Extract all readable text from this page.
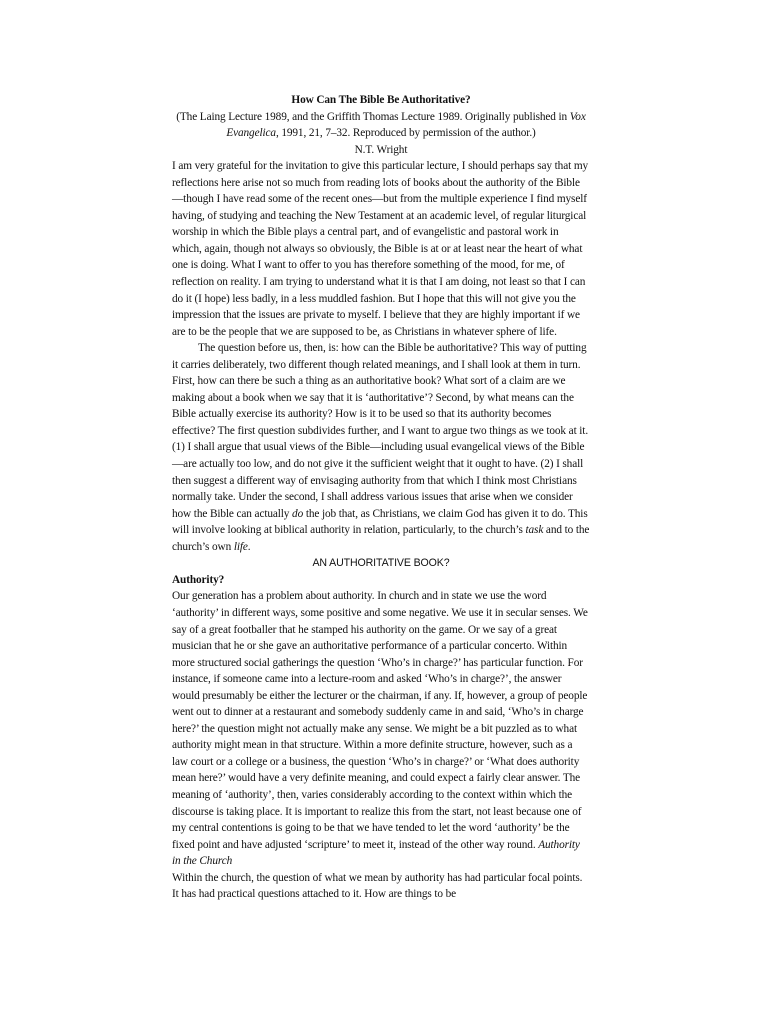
How Can The Bible Be Authoritative?

(The Laing Lecture 1989, and the Griffith Thomas Lecture 1989. Originally published in Vox Evangelica, 1991, 21, 7–32. Reproduced by permission of the author.)

N.T. Wright

I am very grateful for the invitation to give this particular lecture, I should perhaps say that my reflections here arise not so much from reading lots of books about the authority of the Bible—though I have read some of the recent ones—but from the multiple experience I find myself having, of studying and teaching the New Testament at an academic level, of regular liturgical worship in which the Bible plays a central part, and of evangelistic and pastoral work in which, again, though not always so obviously, the Bible is at or at least near the heart of what one is doing. What I want to offer to you has therefore something of the mood, for me, of reflection on reality. I am trying to understand what it is that I am doing, not least so that I can do it (I hope) less badly, in a less muddled fashion. But I hope that this will not give you the impression that the issues are private to myself. I believe that they are highly important if we are to be the people that we are supposed to be, as Christians in whatever sphere of life.

The question before us, then, is: how can the Bible be authoritative? This way of putting it carries deliberately, two different though related meanings, and I shall look at them in turn. First, how can there be such a thing as an authoritative book? What sort of a claim are we making about a book when we say that it is ‘authoritative’? Second, by what means can the Bible actually exercise its authority? How is it to be used so that its authority becomes effective? The first question subdivides further, and I want to argue two things as we took at it. (1) I shall argue that usual views of the Bible—including usual evangelical views of the Bible—are actually too low, and do not give it the sufficient weight that it ought to have. (2) I shall then suggest a different way of envisaging authority from that which I think most Christians normally take. Under the second, I shall address various issues that arise when we consider how the Bible can actually do the job that, as Christians, we claim God has given it to do. This will involve looking at biblical authority in relation, particularly, to the church’s task and to the church’s own life.

AN AUTHORITATIVE BOOK?

Authority?

Our generation has a problem about authority. In church and in state we use the word ‘authority’ in different ways, some positive and some negative. We use it in secular senses. We say of a great footballer that he stamped his authority on the game. Or we say of a great musician that he or she gave an authoritative performance of a particular concerto. Within more structured social gatherings the question ‘Who’s in charge?’ has particular function. For instance, if someone came into a lecture-room and asked ‘Who’s in charge?’, the answer would presumably be either the lecturer or the chairman, if any. If, however, a group of people went out to dinner at a restaurant and somebody suddenly came in and said, ‘Who’s in charge here?’ the question might not actually make any sense. We might be a bit puzzled as to what authority might mean in that structure. Within a more definite structure, however, such as a law court or a college or a business, the question ‘Who’s in charge?’ or ‘What does authority mean here?’ would have a very definite meaning, and could expect a fairly clear answer. The meaning of ‘authority’, then, varies considerably according to the context within which the discourse is taking place. It is important to realize this from the start, not least because one of my central contentions is going to be that we have tended to let the word ‘authority’ be the fixed point and have adjusted ‘scripture’ to meet it, instead of the other way round. Authority in the Church

Within the church, the question of what we mean by authority has had particular focal points. It has had practical questions attached to it. How are things to be
